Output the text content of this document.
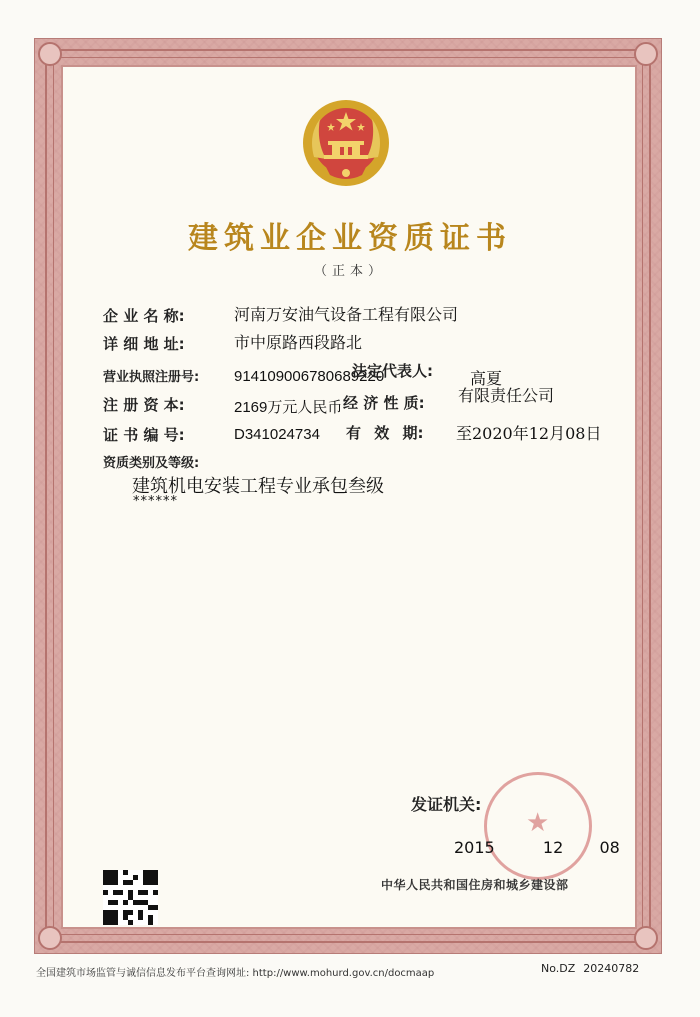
建筑业企业资质证书
（正本）
企 业 名 称:	河南万安油气设备工程有限公司
详 细 地 址:	市中原路西段路北
营业执照注册号: 914109006780689220
法定代表人: 高夏
注 册 资 本:	2169万元人民币 经 济 性 质: 有限责任公司
证 书 编 号:	D341024734 有 效 期: 至2020年12月08日
资质类别及等级:
建筑机电安装工程专业承包叁级
******
发证机关:
★
2015	12 08
中华人民共和国住房和城乡建设部
全国建筑市场监管与诚信信息发布平台查询网址: http://www.mohurd.gov.cn/docmaap	No.DZ 20240782
